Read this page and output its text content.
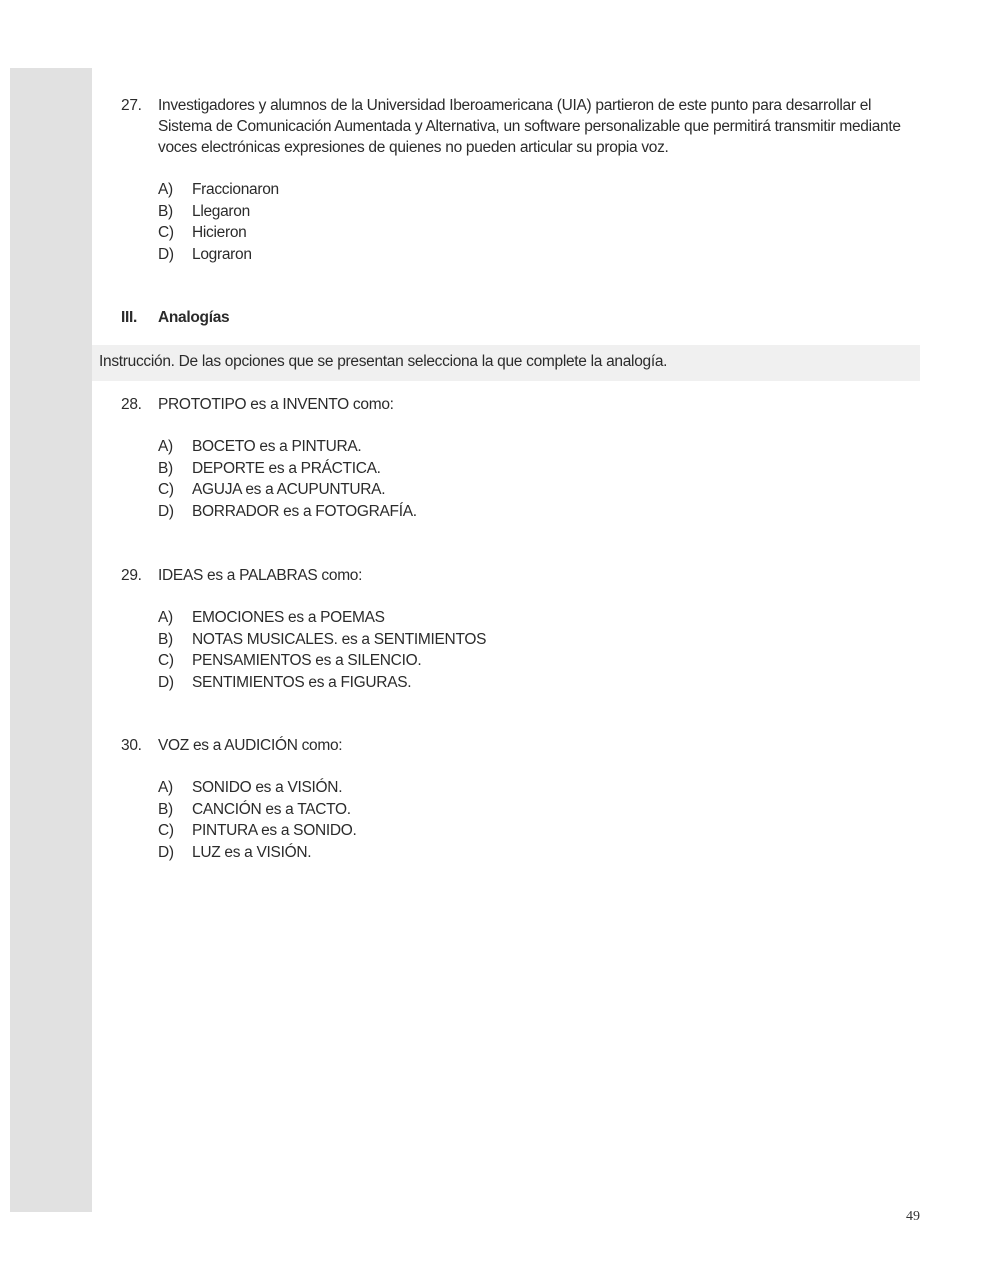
27.	Investigadores y alumnos de la Universidad Iberoamericana (UIA) partieron de este punto para desarrollar el Sistema de Comunicación Aumentada y Alternativa, un software personalizable que permitirá transmitir mediante voces electrónicas expresiones de quienes no pueden articular su propia voz.
A)	Fraccionaron
B)	Llegaron
C)	Hicieron
D)	Lograron
III.	Analogías
Instrucción. De las opciones que se presentan selecciona la que complete la analogía.
28.	PROTOTIPO es a INVENTO como:
A)	BOCETO es a PINTURA.
B)	DEPORTE es a PRÁCTICA.
C)	AGUJA es a ACUPUNTURA.
D)	BORRADOR es a FOTOGRAFÍA.
29.	IDEAS es a PALABRAS como:
A)	EMOCIONES es a POEMAS
B)	NOTAS MUSICALES. es a SENTIMIENTOS
C)	PENSAMIENTOS es a SILENCIO.
D)	SENTIMIENTOS es a FIGURAS.
30.	VOZ es a AUDICIÓN como:
A)	SONIDO es a VISIÓN.
B)	CANCIÓN es a TACTO.
C)	PINTURA es a SONIDO.
D)	LUZ es a VISIÓN.
49
